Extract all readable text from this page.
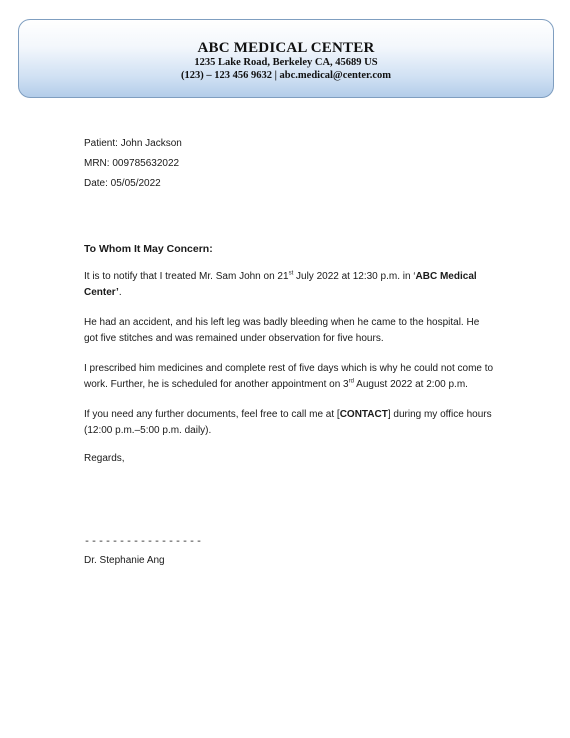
ABC MEDICAL CENTER
1235 Lake Road, Berkeley CA, 45689 US
(123) – 123 456 9632 | abc.medical@center.com
Patient: John Jackson
MRN: 009785632022
Date: 05/05/2022
To Whom It May Concern:
It is to notify that I treated Mr. Sam John on 21st July 2022 at 12:30 p.m. in ‘ABC Medical Center’.
He had an accident, and his left leg was badly bleeding when he came to the hospital. He got five stitches and was remained under observation for five hours.
I prescribed him medicines and complete rest of five days which is why he could not come to work. Further, he is scheduled for another appointment on 3rd August 2022 at 2:00 p.m.
If you need any further documents, feel free to call me at [CONTACT] during my office hours (12:00 p.m.–5:00 p.m. daily).
Regards,
-----------------
Dr. Stephanie Ang
